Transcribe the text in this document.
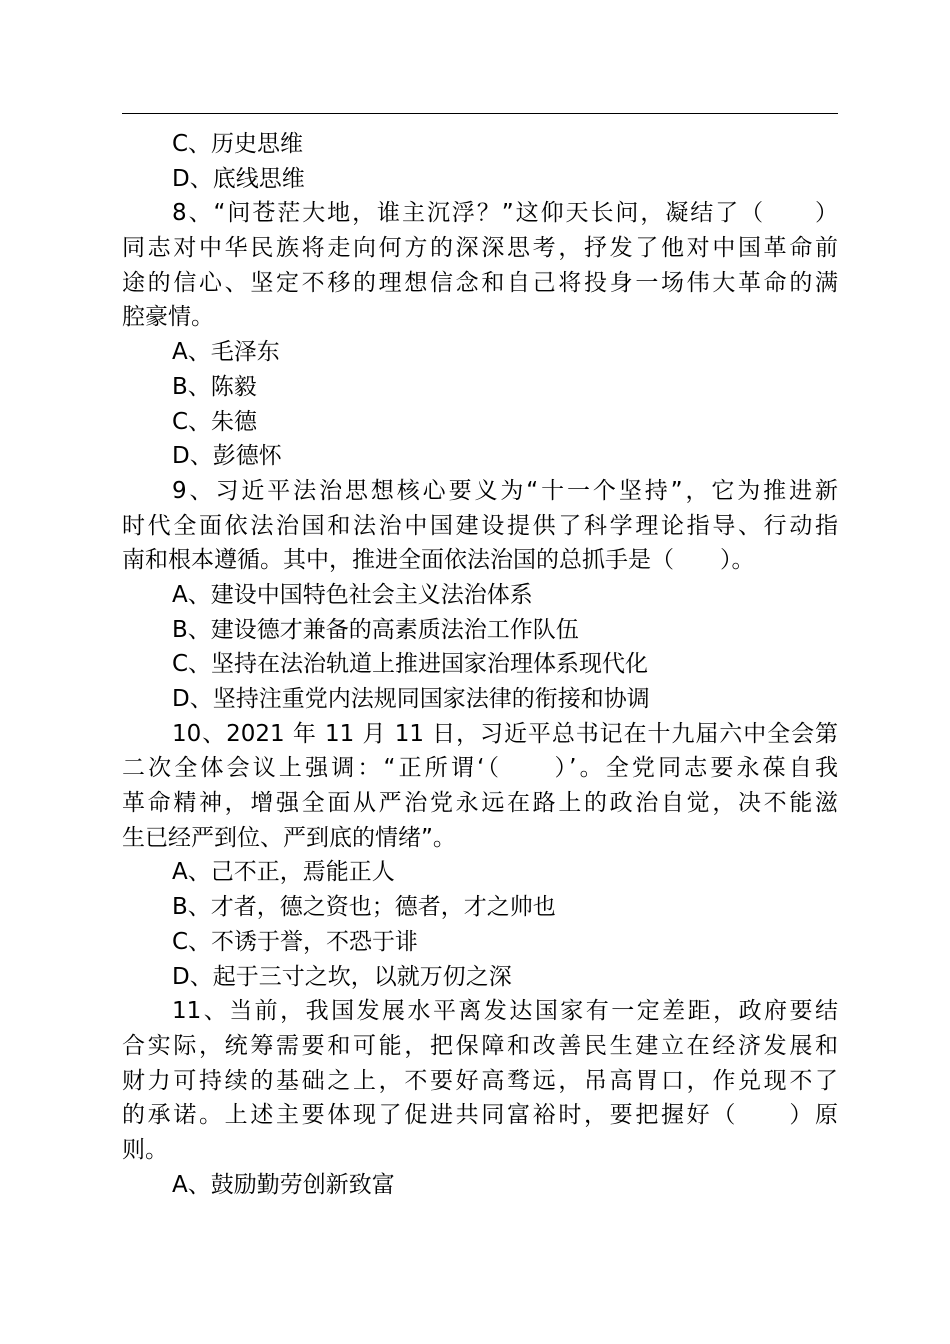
C、历史思维
D、底线思维
8、“问苍茫大地，谁主沉浮？”这仰天长问，凝结了（　　）
同志对中华民族将走向何方的深深思考，抒发了他对中国革命前
途的信心、坚定不移的理想信念和自己将投身一场伟大革命的满
腔豪情。
A、毛泽东
B、陈毅
C、朱德
D、彭德怀
9、习近平法治思想核心要义为“十一个坚持”，它为推进新
时代全面依法治国和法治中国建设提供了科学理论指导、行动指
南和根本遵循。其中，推进全面依法治国的总抓手是（　　）。
A、建设中国特色社会主义法治体系
B、建设德才兼备的高素质法治工作队伍
C、坚持在法治轨道上推进国家治理体系现代化
D、坚持注重党内法规同国家法律的衔接和协调
10、2021 年 11 月 11 日，习近平总书记在十九届六中全会第
二次全体会议上强调：“正所谓‘（　　）’。全党同志要永葆自我
革命精神，增强全面从严治党永远在路上的政治自觉，决不能滋
生已经严到位、严到底的情绪”。
A、己不正，焉能正人
B、才者，德之资也；德者，才之帅也
C、不诱于誉，不恐于诽
D、起于三寸之坎，以就万仞之深
11、当前，我国发展水平离发达国家有一定差距，政府要结
合实际，统筹需要和可能，把保障和改善民生建立在经济发展和
财力可持续的基础之上，不要好高骛远，吊高胃口，作兑现不了
的承诺。上述主要体现了促进共同富裕时，要把握好（　　）原
则。
A、鼓励勤劳创新致富
